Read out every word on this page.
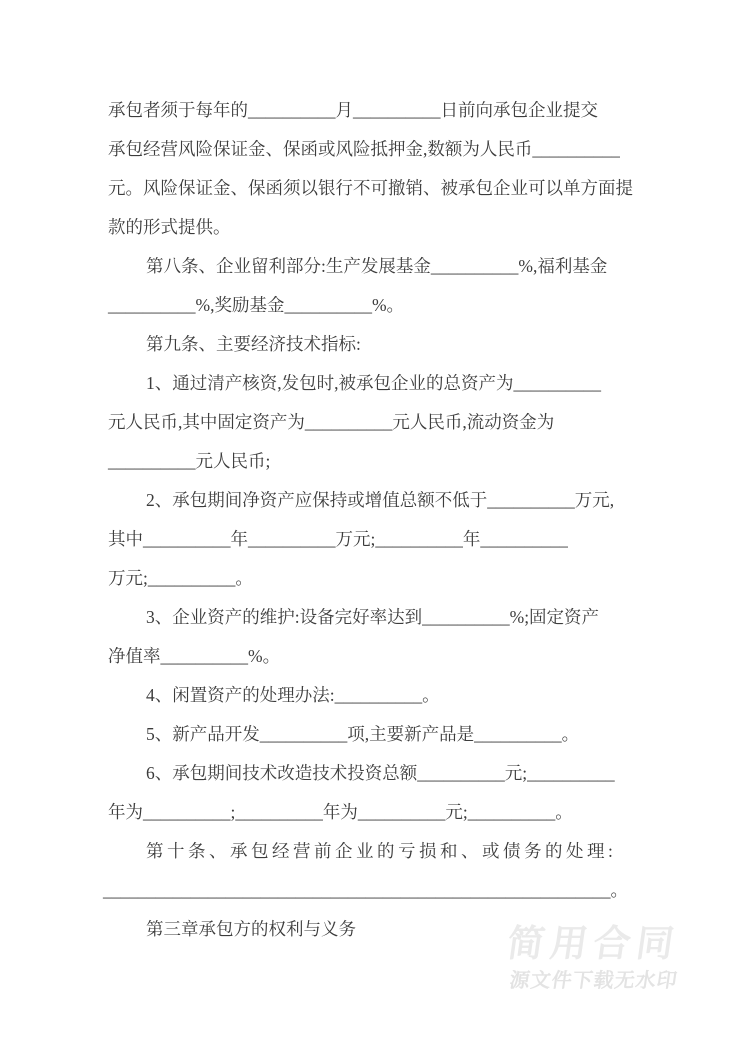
承包者须于每年的__________月__________日前向承包企业提交
承包经营风险保证金、保函或风险抵押金,数额为人民币__________
元。风险保证金、保函须以银行不可撤销、被承包企业可以单方面提
款的形式提供。
第八条、企业留利部分:生产发展基金__________%,福利基金
__________%,奖励基金__________%。
第九条、主要经济技术指标:
1、通过清产核资,发包时,被承包企业的总资产为__________
元人民币,其中固定资产为__________元人民币,流动资金为
__________元人民币;
2、承包期间净资产应保持或增值总额不低于__________万元,
其中__________年__________万元;__________年__________
万元;__________。
3、企业资产的维护:设备完好率达到__________%;固定资产
净值率__________%。
4、闲置资产的处理办法:__________。
5、新产品开发__________项,主要新产品是__________。
6、承包期间技术改造技术投资总额__________元;__________
年为__________;__________年为__________元;__________。
第十条、承包经营前企业的亏损和、或债务的处理:
__________________________________________________________。
第三章承包方的权利与义务	简用合同
源文件下载无水印
